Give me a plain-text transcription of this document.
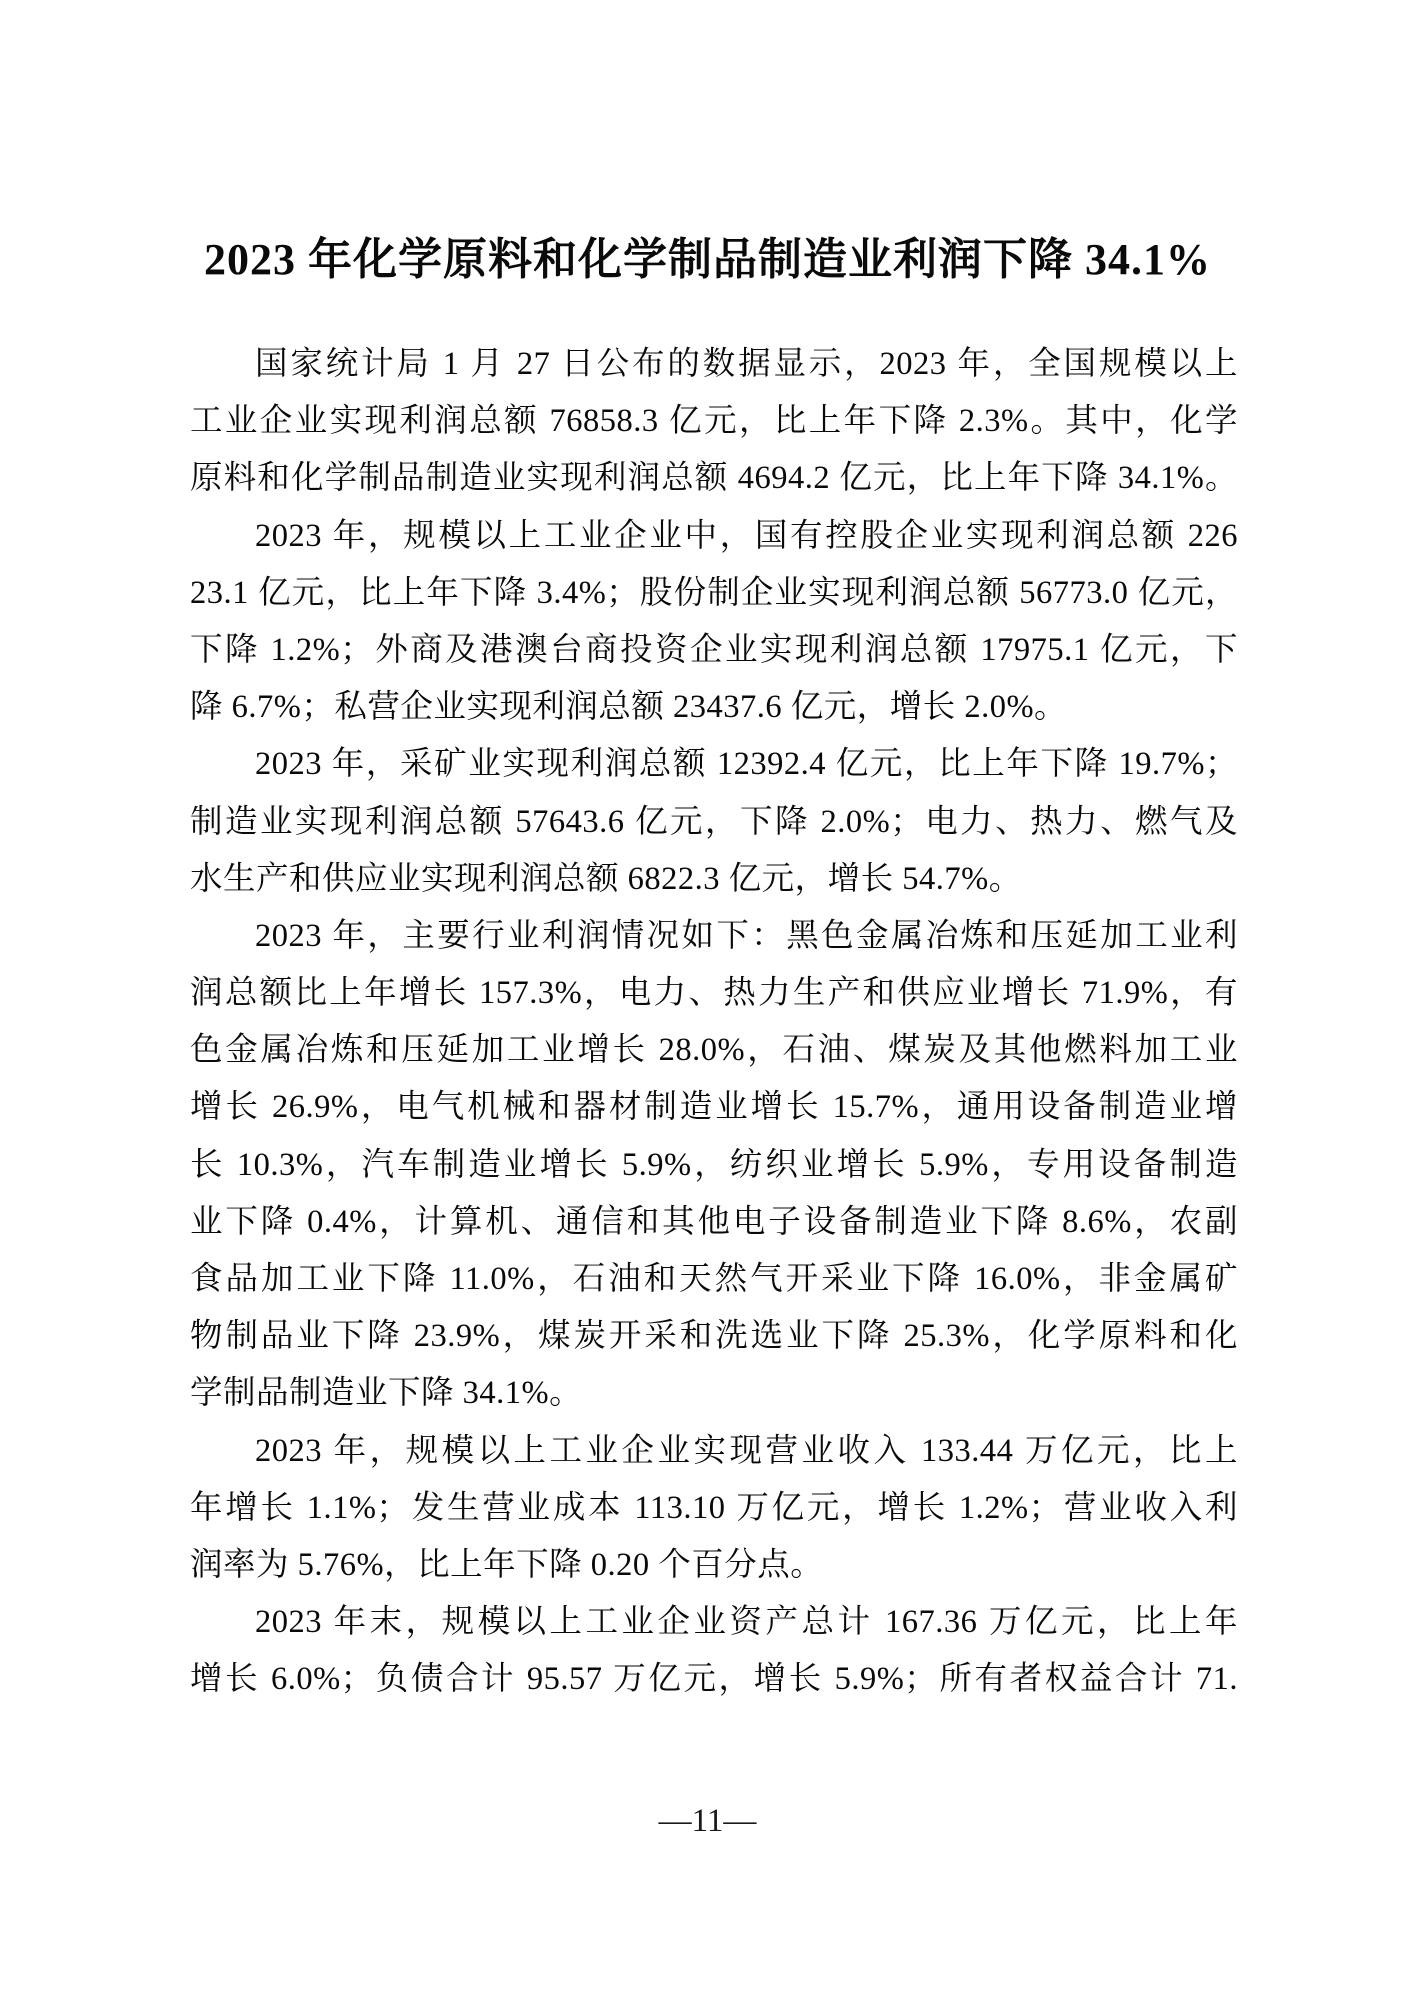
2023 年化学原料和化学制品制造业利润下降 34.1%
国家统计局 1 月 27 日公布的数据显示，2023 年，全国规模以上
工业企业实现利润总额 76858.3 亿元，比上年下降 2.3%。其中，化学
原料和化学制品制造业实现利润总额 4694.2 亿元，比上年下降 34.1%。
2023 年，规模以上工业企业中，国有控股企业实现利润总额 226
23.1 亿元，比上年下降 3.4%；股份制企业实现利润总额 56773.0 亿元，
下降 1.2%；外商及港澳台商投资企业实现利润总额 17975.1 亿元，下
降 6.7%；私营企业实现利润总额 23437.6 亿元，增长 2.0%。
2023 年，采矿业实现利润总额 12392.4 亿元，比上年下降 19.7%；
制造业实现利润总额 57643.6 亿元，下降 2.0%；电力、热力、燃气及
水生产和供应业实现利润总额 6822.3 亿元，增长 54.7%。
2023 年，主要行业利润情况如下：黑色金属冶炼和压延加工业利
润总额比上年增长 157.3%，电力、热力生产和供应业增长 71.9%，有
色金属冶炼和压延加工业增长 28.0%，石油、煤炭及其他燃料加工业
增长 26.9%，电气机械和器材制造业增长 15.7%，通用设备制造业增
长 10.3%，汽车制造业增长 5.9%，纺织业增长 5.9%，专用设备制造
业下降 0.4%，计算机、通信和其他电子设备制造业下降 8.6%，农副
食品加工业下降 11.0%，石油和天然气开采业下降 16.0%，非金属矿
物制品业下降 23.9%，煤炭开采和洗选业下降 25.3%，化学原料和化
学制品制造业下降 34.1%。
2023 年，规模以上工业企业实现营业收入 133.44 万亿元，比上
年增长 1.1%；发生营业成本 113.10 万亿元，增长 1.2%；营业收入利
润率为 5.76%，比上年下降 0.20 个百分点。
2023 年末，规模以上工业企业资产总计 167.36 万亿元，比上年
增长 6.0%；负债合计 95.57 万亿元，增长 5.9%；所有者权益合计 71.
—11—
